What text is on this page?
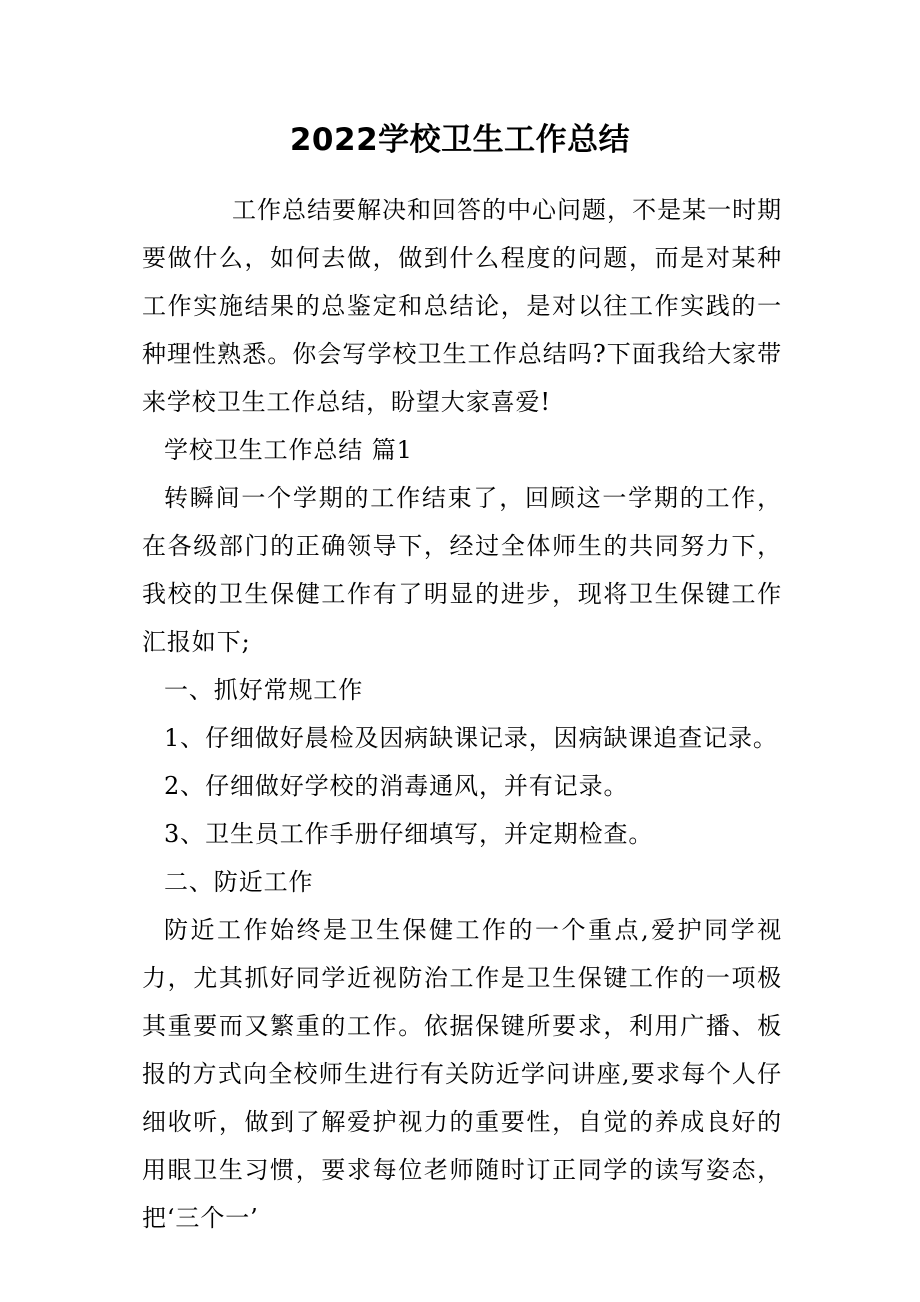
2022学校卫生工作总结

工作总结要解决和回答的中心问题，不是某一时期要做什么，如何去做，做到什么程度的问题，而是对某种工作实施结果的总鉴定和总结论，是对以往工作实践的一种理性熟悉。你会写学校卫生工作总结吗?下面我给大家带来学校卫生工作总结，盼望大家喜爱!

学校卫生工作总结 篇1

转瞬间一个学期的工作结束了，回顾这一学期的工作，在各级部门的正确领导下，经过全体师生的共同努力下，我校的卫生保健工作有了明显的进步，现将卫生保键工作汇报如下;

一、抓好常规工作

1、仔细做好晨检及因病缺课记录，因病缺课追查记录。

2、仔细做好学校的消毒通风，并有记录。

3、卫生员工作手册仔细填写，并定期检查。

二、防近工作

防近工作始终是卫生保健工作的一个重点,爱护同学视力，尤其抓好同学近视防治工作是卫生保键工作的一项极其重要而又繁重的工作。依据保键所要求，利用广播、板报的方式向全校师生进行有关防近学问讲座,要求每个人仔细收听，做到了解爱护视力的重要性，自觉的养成良好的用眼卫生习惯，要求每位老师随时订正同学的读写姿态，把‘三个一’
